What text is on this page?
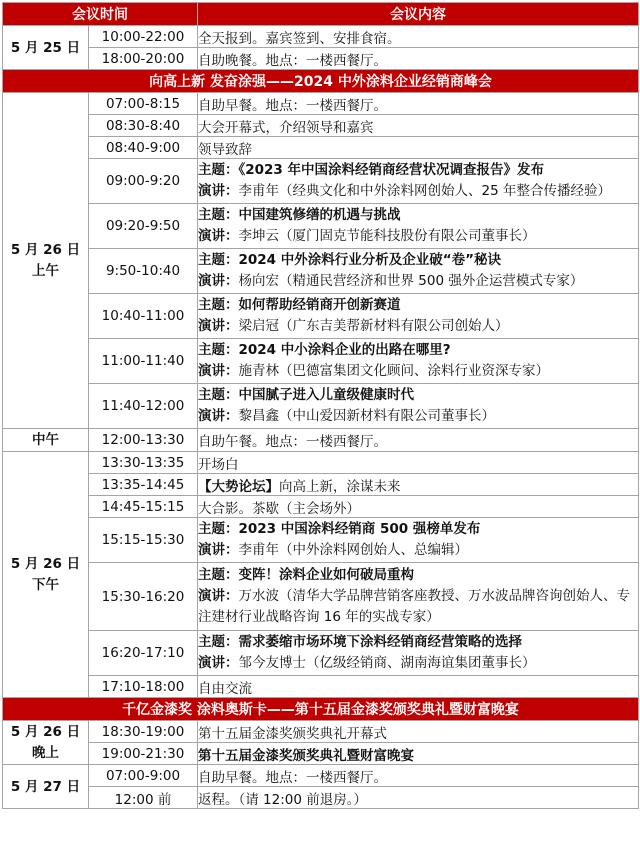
会议时间		会议内容
5 月 25 日	10:00-22:00	全天报到。嘉宾签到、安排食宿。
	18:00-20:00	自助晚餐。地点：一楼西餐厅。
向高上新 发奋涂强——2024 中外涂料企业经销商峰会		

5 月 26 日
上午	07:00-8:15	自助早餐。地点：一楼西餐厅。
	08:30-8:40	大会开幕式，介绍领导和嘉宾
	08:40-9:00	领导致辞
	09:00-9:20	主题：《2023 年中国涂料经销商经营状况调查报告》发布
演讲：李甫年（经典文化和中外涂料网创始人、25 年整合传播经验）

	09:20-9:50	主题：中国建筑修缮的机遇与挑战
演讲：李坤云（厦门固克节能科技股份有限公司董事长）

	9:50-10:40	主题：2024 中外涂料行业分析及企业破“卷”秘诀
演讲：杨向宏（精通民营经济和世界 500 强外企运营模式专家）

	10:40-11:00	主题：如何帮助经销商开创新赛道
演讲：梁启冠（广东吉美帮新材料有限公司创始人）

	11:00-11:40	主题：2024 中小涂料企业的出路在哪里?
演讲：施青林（巴德富集团文化顾问、涂料行业资深专家）

	11:40-12:00	主题：中国腻子进入儿童级健康时代
演讲：黎昌鑫（中山爱因新材料有限公司董事长）

中午	12:00-13:30	自助午餐。地点：一楼西餐厅。

5 月 26 日
下午	13:30-13:35	开场白
	13:35-14:45	【大势论坛】向高上新，涂谋未来
	14:45-15:15	大合影。茶歇（主会场外）
	15:15-15:30	主题：2023 中国涂料经销商 500 强榜单发布
演讲：李甫年（中外涂料网创始人、总编辑）

	15:30-16:20	主题：变阵！涂料企业如何破局重构
演讲：万水波（清华大学品牌营销客座教授、万水波品牌咨询创始人、专
注建材行业战略咨询 16 年的实战专家）

	16:20-17:10	主题：需求萎缩市场环境下涂料经销商经营策略的选择
演讲：邹今友博士（亿级经销商、湖南海谊集团董事长）

	17:10-18:00	自由交流
千亿金漆奖 涂料奥斯卡——第十五届金漆奖颁奖典礼暨财富晚宴		

5 月 26 日
晚上	18:30-19:00	第十五届金漆奖颁奖典礼开幕式
	19:00-21:30	第十五届金漆奖颁奖典礼暨财富晚宴
5 月 27 日	07:00-9:00	自助早餐。地点：一楼西餐厅。
	12:00 前	返程。（请 12:00 前退房。）
